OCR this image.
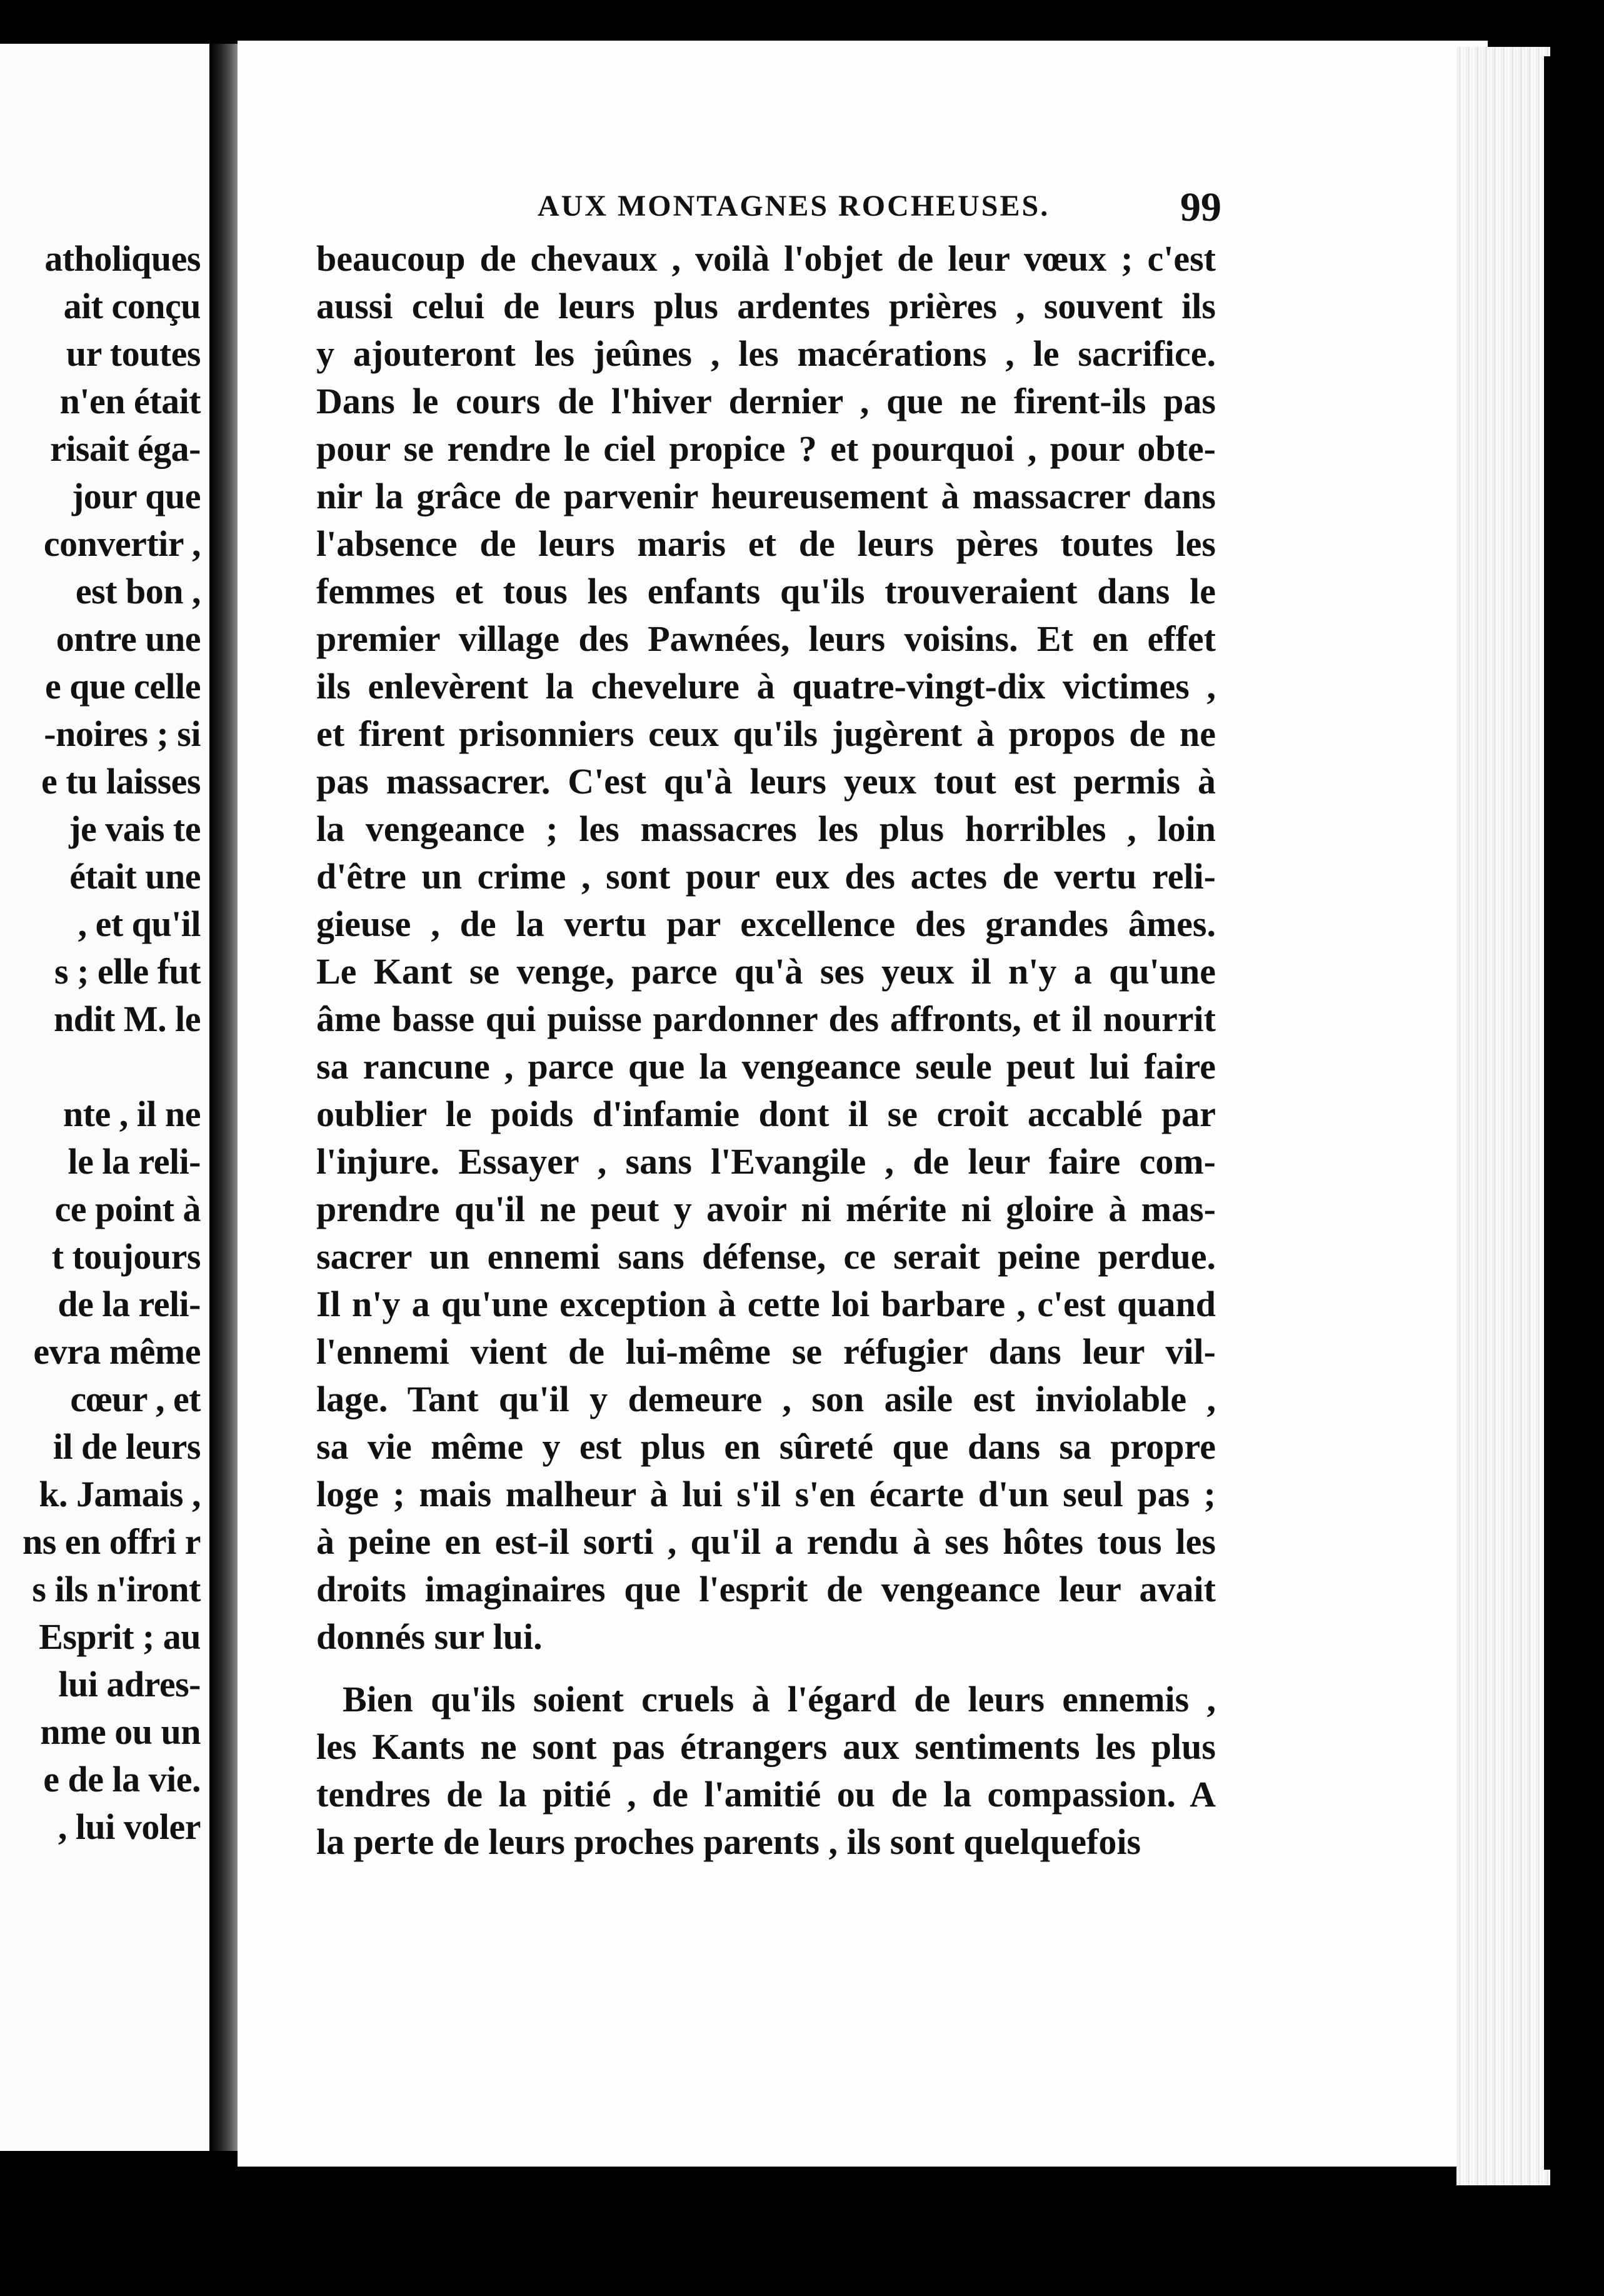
atholiques
ait conçu
ur toutes
n'en était
risait éga-
jour que
convertir ,
est bon ,
ontre une
e que celle
-noires ; si
e tu laisses
je vais te
était une
, et qu'il
s ; elle fut
ndit M. le
nte , il ne
le la reli-
ce point à
t toujours
de la reli-
evra même
cœur , et
il de leurs
k. Jamais ,
ns en offri r
s ils n'iront
Esprit ; au
lui adres-
nme ou un
e de la vie.
, lui voler
AUX MONTAGNES ROCHEUSES.	99
beaucoup de chevaux , voilà l'objet de leur vœux ; c'est
aussi celui de leurs plus ardentes prières , souvent ils
y ajouteront les jeûnes , les macérations , le sacrifice.
Dans le cours de l'hiver dernier , que ne firent-ils pas
pour se rendre le ciel propice ? et pourquoi , pour obte-
nir la grâce de parvenir heureusement à massacrer dans
l'absence de leurs maris et de leurs pères toutes les
femmes et tous les enfants qu'ils trouveraient dans le
premier village des Pawnées, leurs voisins. Et en effet
ils enlevèrent la chevelure à quatre-vingt-dix victimes ,
et firent prisonniers ceux qu'ils jugèrent à propos de ne
pas massacrer. C'est qu'à leurs yeux tout est permis à
la vengeance ; les massacres les plus horribles , loin
d'être un crime , sont pour eux des actes de vertu reli-
gieuse , de la vertu par excellence des grandes âmes.
Le Kant se venge, parce qu'à ses yeux il n'y a qu'une
âme basse qui puisse pardonner des affronts, et il nourrit
sa rancune , parce que la vengeance seule peut lui faire
oublier le poids d'infamie dont il se croit accablé par
l'injure. Essayer , sans l'Evangile , de leur faire com-
prendre qu'il ne peut y avoir ni mérite ni gloire à mas-
sacrer un ennemi sans défense, ce serait peine perdue.
Il n'y a qu'une exception à cette loi barbare , c'est quand
l'ennemi vient de lui-même se réfugier dans leur vil-
lage. Tant qu'il y demeure , son asile est inviolable ,
sa vie même y est plus en sûreté que dans sa propre
loge ; mais malheur à lui s'il s'en écarte d'un seul pas ;
à peine en est-il sorti , qu'il a rendu à ses hôtes tous les
droits imaginaires que l'esprit de vengeance leur avait
donnés sur lui.
Bien qu'ils soient cruels à l'égard de leurs ennemis ,
les Kants ne sont pas étrangers aux sentiments les plus
tendres de la pitié , de l'amitié ou de la compassion. A
la perte de leurs proches parents , ils sont quelquefois
